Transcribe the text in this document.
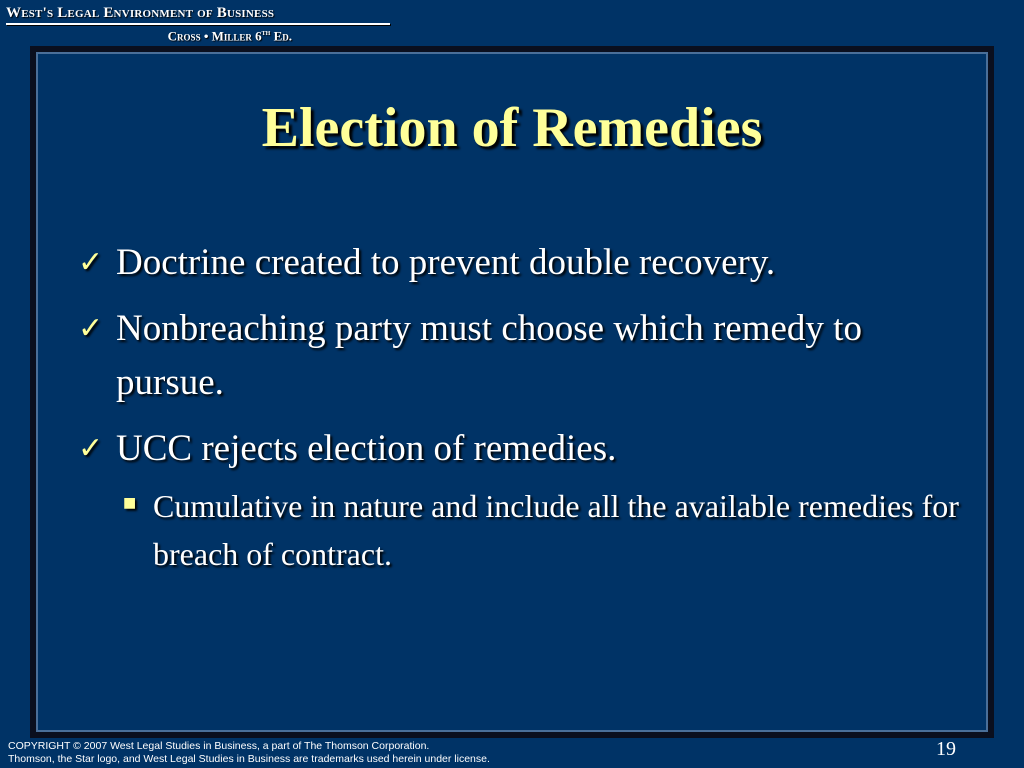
West's Legal Environment of Business
Cross • Miller 6th Ed.
Election of Remedies
✓ Doctrine created to prevent double recovery.
✓ Nonbreaching party must choose which remedy to pursue.
✓ UCC rejects election of remedies.
■ Cumulative in nature and include all the available remedies for breach of contract.
COPYRIGHT © 2007 West Legal Studies in Business, a part of The Thomson Corporation.
Thomson, the Star logo, and West Legal Studies in Business are trademarks used herein under license.	19
